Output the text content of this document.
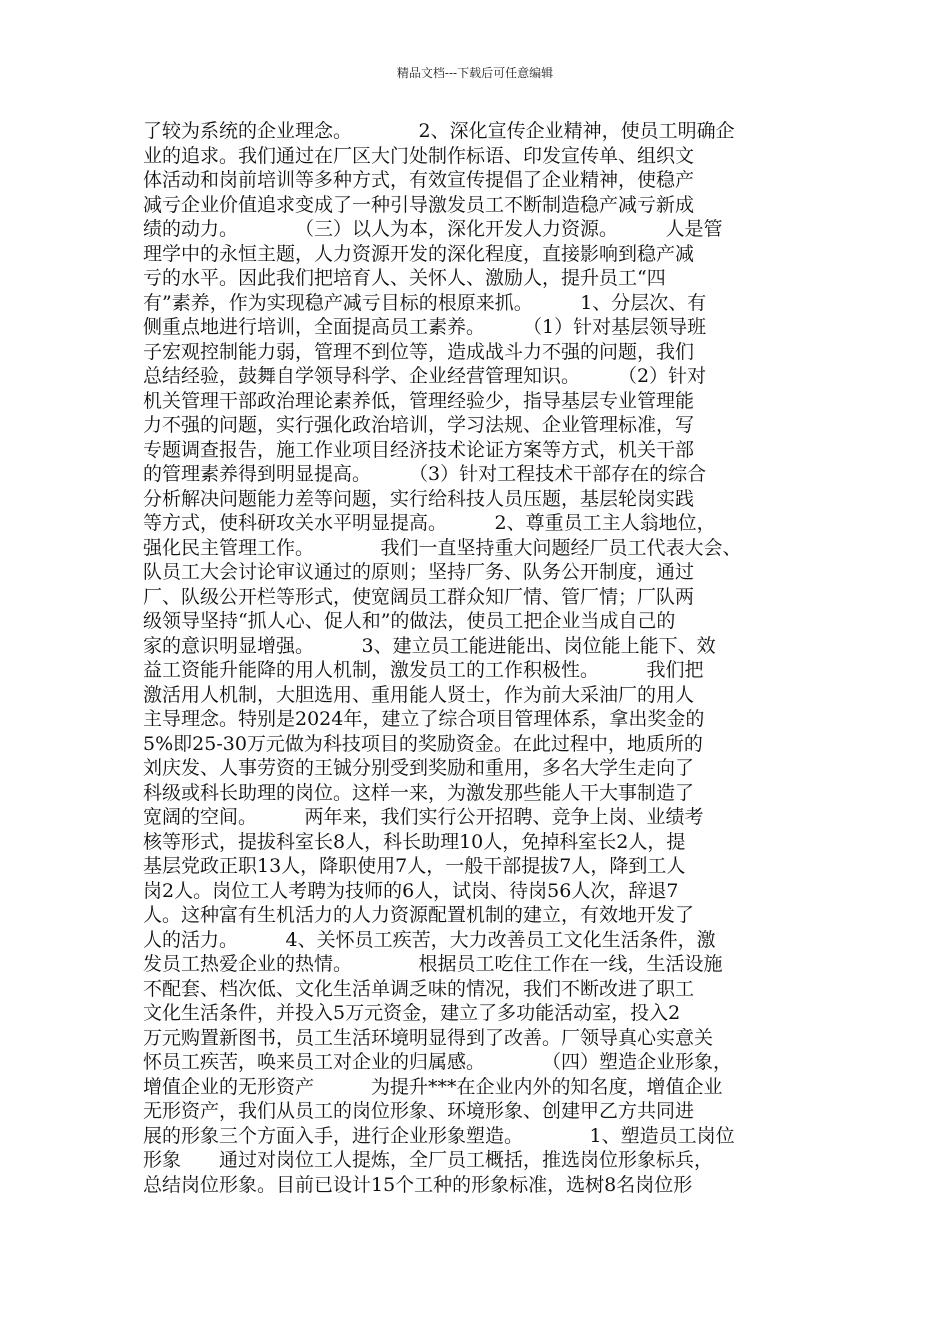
精品文档---下载后可任意编辑
了较为系统的企业理念。　　　　2、深化宣传企业精神，使员工明确企
业的追求。我们通过在厂区大门处制作标语、印发宣传单、组织文
体活动和岗前培训等多种方式，有效宣传提倡了企业精神，使稳产
减亏企业价值追求变成了一种引导激发员工不断制造稳产减亏新成
绩的动力。　　　　（三）以人为本，深化开发人力资源。　　　人是管
理学中的永恒主题，人力资源开发的深化程度，直接影响到稳产减
亏的水平。因此我们把培育人、关怀人、激励人，提升员工“四
有”素养，作为实现稳产减亏目标的根原来抓。　　　1、分层次、有
侧重点地进行培训，全面提高员工素养。　　　（1）针对基层领导班
子宏观控制能力弱，管理不到位等，造成战斗力不强的问题，我们
总结经验，鼓舞自学领导科学、企业经营管理知识。　　　（2）针对
机关管理干部政治理论素养低，管理经验少，指导基层专业管理能
力不强的问题，实行强化政治培训，学习法规、企业管理标准，写
专题调查报告，施工作业项目经济技术论证方案等方式，机关干部
的管理素养得到明显提高。　　　（3）针对工程技术干部存在的综合
分析解决问题能力差等问题，实行给科技人员压题，基层轮岗实践
等方式，使科研攻关水平明显提高。　　　2、尊重员工主人翁地位，
强化民主管理工作。　　　　我们一直坚持重大问题经厂员工代表大会、
队员工大会讨论审议通过的原则；坚持厂务、队务公开制度，通过
厂、队级公开栏等形式，使宽阔员工群众知厂情、管厂情；厂队两
级领导坚持“抓人心、促人和”的做法，使员工把企业当成自己的
家的意识明显增强。　　　3、建立员工能进能出、岗位能上能下、效
益工资能升能降的用人机制，激发员工的工作积极性。　　　我们把
激活用人机制，大胆选用、重用能人贤士，作为前大采油厂的用人
主导理念。特别是2024年，建立了综合项目管理体系，拿出奖金的
5%即25-30万元做为科技项目的奖励资金。在此过程中，地质所的
刘庆发、人事劳资的王铖分别受到奖励和重用，多名大学生走向了
科级或科长助理的岗位。这样一来，为激发那些能人干大事制造了
宽阔的空间。　　　两年来，我们实行公开招聘、竞争上岗、业绩考
核等形式，提拔科室长8人，科长助理10人，免掉科室长2人，提
基层党政正职13人，降职使用7人，一般干部提拔7人，降到工人
岗2人。岗位工人考聘为技师的6人，试岗、待岗56人次，辞退7
人。这种富有生机活力的人力资源配置机制的建立，有效地开发了
人的活力。　　　4、关怀员工疾苦，大力改善员工文化生活条件，激
发员工热爱企业的热情。　　　　根据员工吃住工作在一线，生活设施
不配套、档次低、文化生活单调乏味的情况，我们不断改进了职工
文化生活条件，并投入5万元资金，建立了多功能活动室，投入2
万元购置新图书，员工生活环境明显得到了改善。厂领导真心实意关
怀员工疾苦，唤来员工对企业的归属感。　　　　（四）塑造企业形象，
增值企业的无形资产　　　为提升***在企业内外的知名度，增值企业
无形资产，我们从员工的岗位形象、环境形象、创建甲乙方共同进
展的形象三个方面入手，进行企业形象塑造。　　　　1、塑造员工岗位
形象　　通过对岗位工人提炼，全厂员工概括，推选岗位形象标兵，
总结岗位形象。目前已设计15个工种的形象标准，选树8名岗位形
